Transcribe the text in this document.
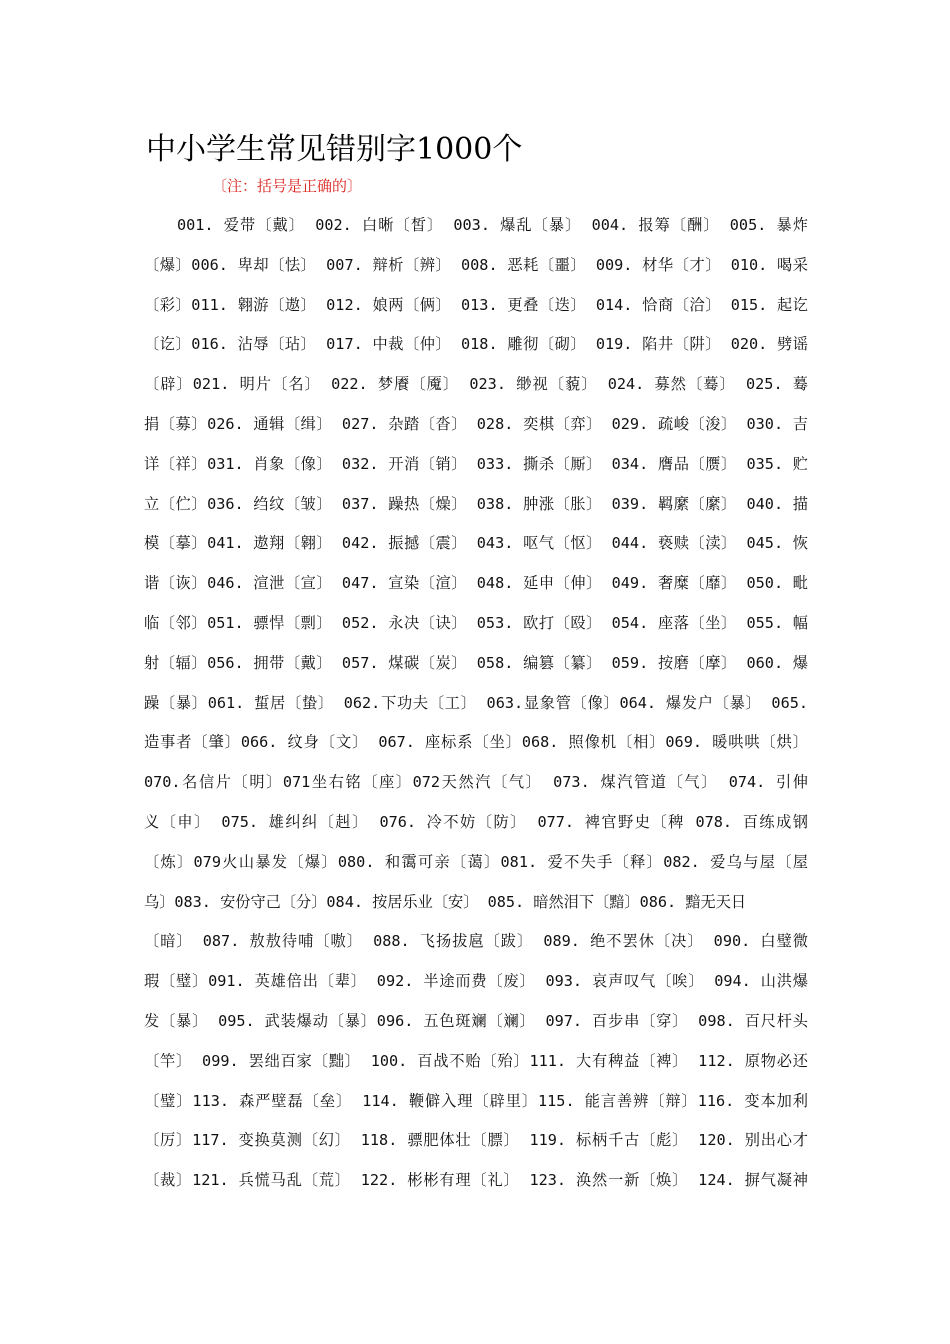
中小学生常见错别字1000个
〔注：括号是正确的〕
001. 爱带〔戴〕 002. 白晰〔皙〕 003. 爆乱〔暴〕 004. 报筹〔酬〕 005. 暴炸
〔爆〕006. 卑却〔怯〕 007. 辩析〔辨〕 008. 恶耗〔噩〕 009. 材华〔才〕 010. 喝采
〔彩〕011. 翱游〔遨〕 012. 娘两〔俩〕 013. 更叠〔迭〕 014. 恰商〔洽〕 015. 起讫
〔讫〕016. 沾辱〔玷〕 017. 中裁〔仲〕 018. 雕彻〔砌〕 019. 陷井〔阱〕 020. 劈谣
〔辟〕021. 明片〔名〕 022. 梦餍〔魇〕 023. 缈视〔藐〕 024. 募然〔蓦〕 025. 蓦
捐〔募〕026. 通辑〔缉〕 027. 杂踏〔沓〕 028. 奕棋〔弈〕 029. 疏峻〔浚〕 030. 吉
详〔祥〕031. 肖象〔像〕 032. 开消〔销〕 033. 撕杀〔厮〕 034. 膺品〔赝〕 035. 贮
立〔伫〕036. 绉纹〔皱〕 037. 躁热〔燥〕 038. 肿涨〔胀〕 039. 羁縻〔縻〕 040. 描
模〔摹〕041. 遨翔〔翱〕 042. 振撼〔震〕 043. 呕气〔怄〕 044. 亵赎〔渎〕 045. 恢
谐〔诙〕046. 渲泄〔宣〕 047. 宣染〔渲〕 048. 延申〔伸〕 049. 奢糜〔靡〕 050. 毗
临〔邻〕051. 骠悍〔剽〕 052. 永决〔诀〕 053. 欧打〔殴〕 054. 座落〔坐〕 055. 幅
射〔辐〕056. 拥带〔戴〕 057. 煤碳〔炭〕 058. 编篡〔纂〕 059. 按磨〔摩〕 060. 爆
躁〔暴〕061. 蜇居〔蛰〕 062.下功夫〔工〕 063.显象管〔像〕064. 爆发户〔暴〕 065.
造事者〔肇〕066. 纹身〔文〕 067. 座标系〔坐〕068. 照像机〔相〕069. 暖哄哄〔烘〕
070.名信片〔明〕071坐右铭〔座〕072天然汽〔气〕 073. 煤汽管道〔气〕 074. 引伸
义〔申〕 075. 雄纠纠〔赳〕 076. 冷不妨〔防〕 077. 裨官野史〔稗 078. 百练成钢
〔炼〕079火山暴发〔爆〕080. 和霭可亲〔蔼〕081. 爱不失手〔释〕082. 爱乌与屋〔屋
乌〕083. 安份守己〔分〕084. 按居乐业〔安〕 085. 暗然泪下〔黯〕086. 黯无天日
〔暗〕 087. 敖敖待哺〔嗷〕 088. 飞扬拔扈〔跋〕 089. 绝不罢休〔决〕 090. 白璧微
瑕〔璧〕091. 英雄倍出〔辈〕 092. 半途而费〔废〕 093. 哀声叹气〔唉〕 094. 山洪爆
发〔暴〕 095. 武装爆动〔暴〕096. 五色斑斓〔斓〕 097. 百步串〔穿〕 098. 百尺杆头
〔竿〕 099. 罢绌百家〔黜〕 100. 百战不贻〔殆〕111. 大有稗益〔裨〕 112. 原物必还
〔璧〕113. 森严壁磊〔垒〕 114. 鞭僻入理〔辟里〕115. 能言善辨〔辩〕116. 变本加利
〔厉〕117. 变换莫测〔幻〕 118. 骠肥体壮〔膘〕 119. 标柄千古〔彪〕 120. 别出心才
〔裁〕121. 兵慌马乱〔荒〕 122. 彬彬有理〔礼〕 123. 涣然一新〔焕〕 124. 摒气凝神
